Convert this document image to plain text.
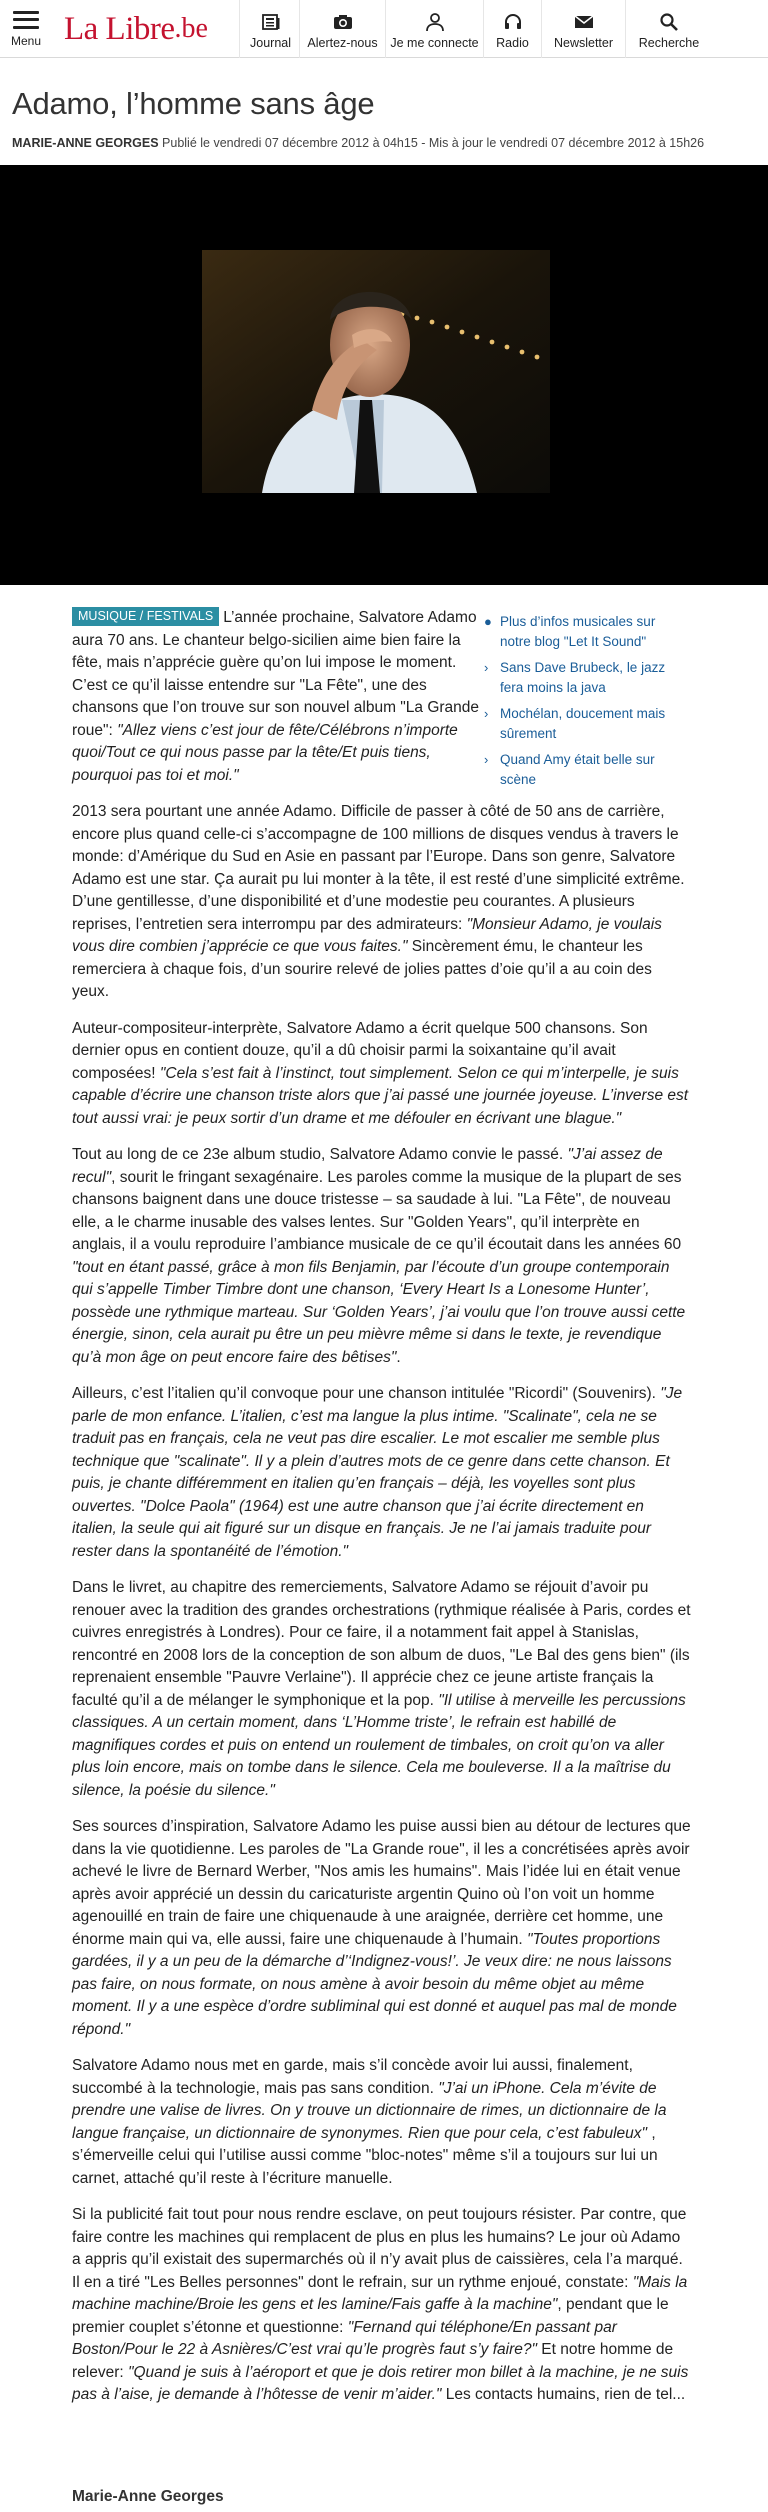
Menu La Libre .be	Journal Alertez-nous Je me connecte Radio Newsletter Recherche
Adamo, l’homme sans âge
MARIE-ANNE GEORGES Publié le vendredi 07 décembre 2012 à 04h15 - Mis à jour le vendredi 07 décembre 2012 à 15h26
● Plus d’infos musicales sur notre blog "Let It Sound"
› Sans Dave Brubeck, le jazz fera moins la java
› Mochélan, doucement mais sûrement
› Quand Amy était belle sur scène

MUSIQUE / FESTIVALS L’année prochaine, Salvatore Adamo aura 70 ans. Le chanteur belgo-sicilien aime bien faire la fête, mais n’apprécie guère qu’on lui impose le moment. C’est ce qu’il laisse entendre sur "La Fête", une des chansons que l’on trouve sur son nouvel album "La Grande roue": "Allez viens c’est jour de fête/Célébrons n’importe quoi/Tout ce qui nous passe par la tête/Et puis tiens, pourquoi pas toi et moi."

2013 sera pourtant une année Adamo. Difficile de passer à côté de 50 ans de carrière, encore plus quand celle-ci s’accompagne de 100 millions de disques vendus à travers le monde: d’Amérique du Sud en Asie en passant par l’Europe. Dans son genre, Salvatore Adamo est une star. Ça aurait pu lui monter à la tête, il est resté d’une simplicité extrême. D’une gentillesse, d’une disponibilité et d’une modestie peu courantes. A plusieurs reprises, l’entretien sera interrompu par des admirateurs: "Monsieur Adamo, je voulais vous dire combien j’apprécie ce que vous faites." Sincèrement ému, le chanteur les remerciera à chaque fois, d’un sourire relevé de jolies pattes d’oie qu’il a au coin des yeux.

Auteur-compositeur-interprète, Salvatore Adamo a écrit quelque 500 chansons. Son dernier opus en contient douze, qu’il a dû choisir parmi la soixantaine qu’il avait composées! "Cela s’est fait à l’instinct, tout simplement. Selon ce qui m’interpelle, je suis capable d’écrire une chanson triste alors que j’ai passé une journée joyeuse. L’inverse est tout aussi vrai: je peux sortir d’un drame et me défouler en écrivant une blague."

Tout au long de ce 23e album studio, Salvatore Adamo convie le passé. "J’ai assez de recul", sourit le fringant sexagénaire. Les paroles comme la musique de la plupart de ses chansons baignent dans une douce tristesse – sa saudade à lui. "La Fête", de nouveau elle, a le charme inusable des valses lentes. Sur "Golden Years", qu’il interprète en anglais, il a voulu reproduire l’ambiance musicale de ce qu’il écoutait dans les années 60 "tout en étant passé, grâce à mon fils Benjamin, par l’écoute d’un groupe contemporain qui s’appelle Timber Timbre dont une chanson, ‘Every Heart Is a Lonesome Hunter’, possède une rythmique marteau. Sur ‘Golden Years’, j’ai voulu que l’on trouve aussi cette énergie, sinon, cela aurait pu être un peu mièvre même si dans le texte, je revendique qu’à mon âge on peut encore faire des bêtises".

Ailleurs, c’est l’italien qu’il convoque pour une chanson intitulée "Ricordi" (Souvenirs). "Je parle de mon enfance. L’italien, c’est ma langue la plus intime. "Scalinate", cela ne se traduit pas en français, cela ne veut pas dire escalier. Le mot escalier me semble plus technique que "scalinate". Il y a plein d’autres mots de ce genre dans cette chanson. Et puis, je chante différemment en italien qu’en français – déjà, les voyelles sont plus ouvertes. "Dolce Paola" (1964) est une autre chanson que j’ai écrite directement en italien, la seule qui ait figuré sur un disque en français. Je ne l’ai jamais traduite pour rester dans la spontanéité de l’émotion."

Dans le livret, au chapitre des remerciements, Salvatore Adamo se réjouit d’avoir pu renouer avec la tradition des grandes orchestrations (rythmique réalisée à Paris, cordes et cuivres enregistrés à Londres). Pour ce faire, il a notamment fait appel à Stanislas, rencontré en 2008 lors de la conception de son album de duos, "Le Bal des gens bien" (ils reprenaient ensemble "Pauvre Verlaine"). Il apprécie chez ce jeune artiste français la faculté qu’il a de mélanger le symphonique et la pop. "Il utilise à merveille les percussions classiques. A un certain moment, dans ‘L’Homme triste’, le refrain est habillé de magnifiques cordes et puis on entend un roulement de timbales, on croit qu’on va aller plus loin encore, mais on tombe dans le silence. Cela me bouleverse. Il a la maîtrise du silence, la poésie du silence."

Ses sources d’inspiration, Salvatore Adamo les puise aussi bien au détour de lectures que dans la vie quotidienne. Les paroles de "La Grande roue", il les a concrétisées après avoir achevé le livre de Bernard Werber, "Nos amis les humains". Mais l’idée lui en était venue après avoir apprécié un dessin du caricaturiste argentin Quino où l’on voit un homme agenouillé en train de faire une chiquenaude à une araignée, derrière cet homme, une énorme main qui va, elle aussi, faire une chiquenaude à l’humain. "Toutes proportions gardées, il y a un peu de la démarche d’‘Indignez-vous!’. Je veux dire: ne nous laissons pas faire, on nous formate, on nous amène à avoir besoin du même objet au même moment. Il y a une espèce d’ordre subliminal qui est donné et auquel pas mal de monde répond."

Salvatore Adamo nous met en garde, mais s’il concède avoir lui aussi, finalement, succombé à la technologie, mais pas sans condition. "J’ai un iPhone. Cela m’évite de prendre une valise de livres. On y trouve un dictionnaire de rimes, un dictionnaire de la langue française, un dictionnaire de synonymes. Rien que pour cela, c’est fabuleux" , s’émerveille celui qui l’utilise aussi comme "bloc-notes" même s’il a toujours sur lui un carnet, attaché qu’il reste à l’écriture manuelle.

Si la publicité fait tout pour nous rendre esclave, on peut toujours résister. Par contre, que faire contre les machines qui remplacent de plus en plus les humains? Le jour où Adamo a appris qu’il existait des supermarchés où il n’y avait plus de caissières, cela l’a marqué. Il en a tiré "Les Belles personnes" dont le refrain, sur un rythme enjoué, constate: "Mais la machine machine/Broie les gens et les lamine/Fais gaffe à la machine", pendant que le premier couplet s’étonne et questionne: "Fernand qui téléphone/En passant par Boston/Pour le 22 à Asnières/C’est vrai qu’le progrès faut s’y faire?" Et notre homme de relever: "Quand je suis à l’aéroport et que je dois retirer mon billet à la machine, je ne suis pas à l’aise, je demande à l’hôtesse de venir m’aider." Les contacts humains, rien de tel...

Marie-Anne Georges
